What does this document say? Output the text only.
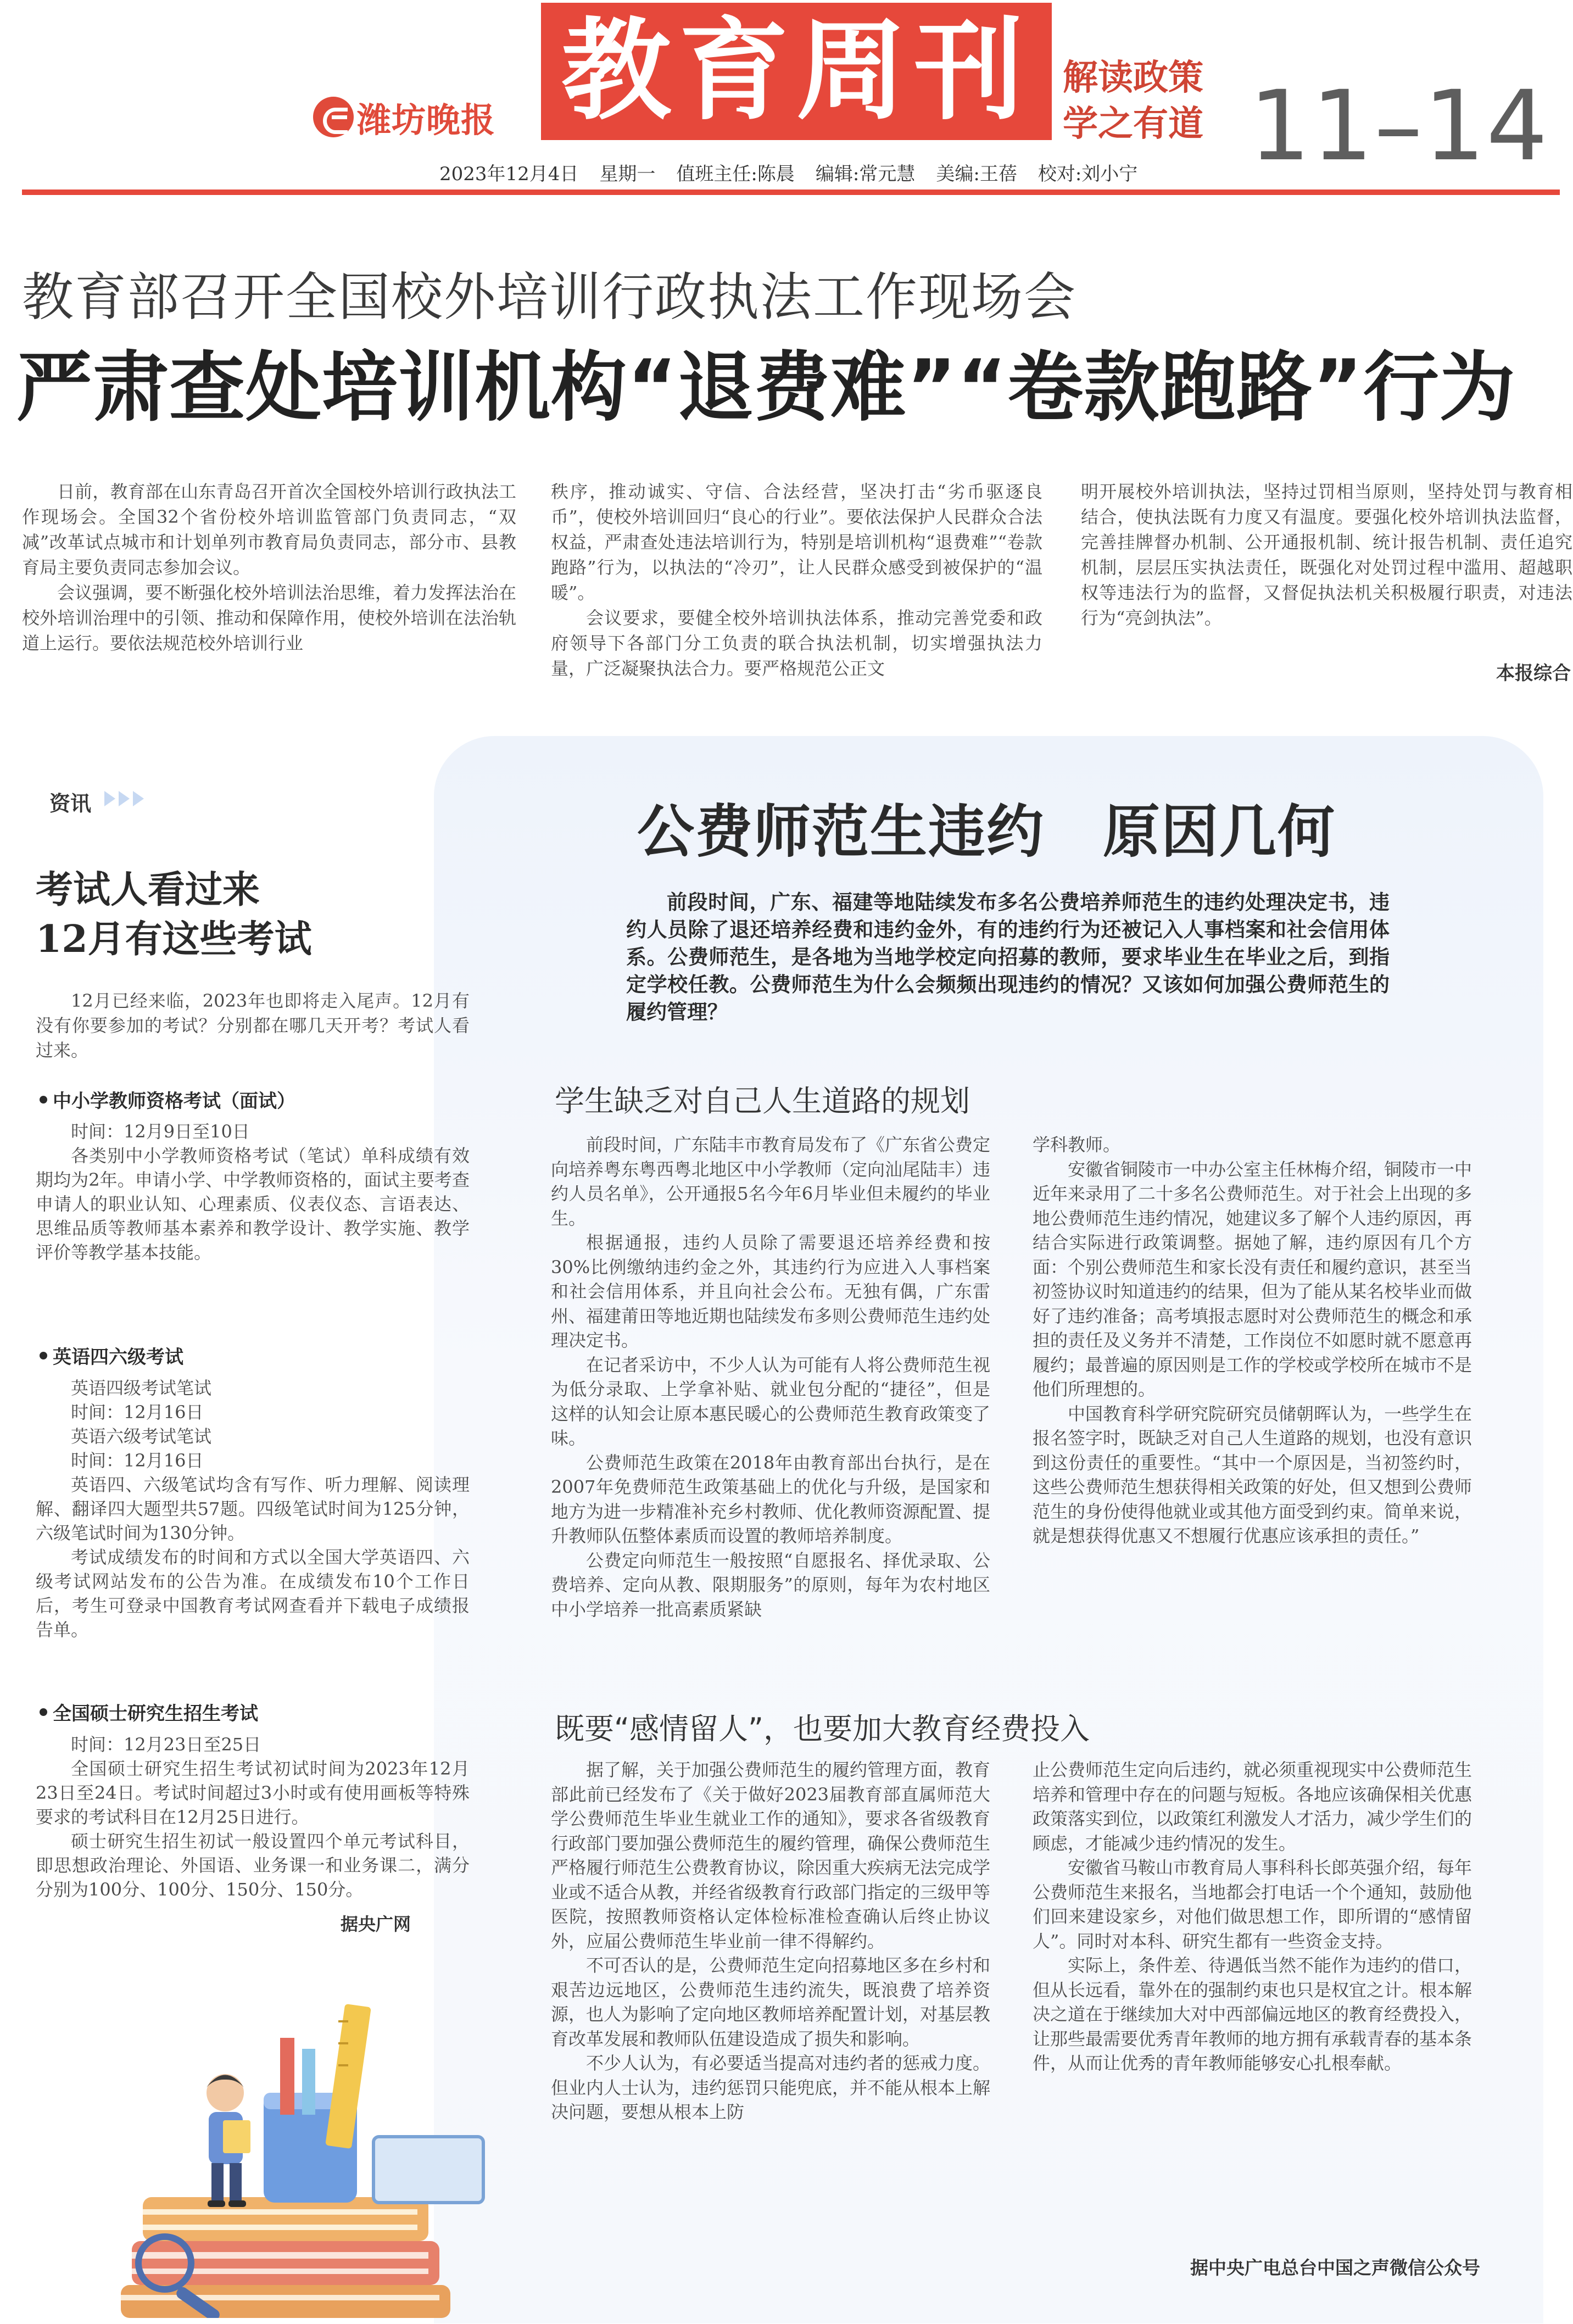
潍坊晚报 教育周刊 解读政策
学之有道 11–14
2023年12月4日 星期一 值班主任:陈晨 编辑:常元慧 美编:王蓓 校对:刘小宁
教育部召开全国校外培训行政执法工作现场会
严肃查处培训机构“退费难”“卷款跑路”行为

日前，教育部在山东青岛召开首次全国校外培训行政执法工作现场会。全国32个省份校外培训监管部门负责同志，“双减”改革试点城市和计划单列市教育局负责同志，部分市、县教育局主要负责同志参加会议。

会议强调，要不断强化校外培训法治思维，着力发挥法治在校外培训治理中的引领、推动和保障作用，使校外培训在法治轨道上运行。要依法规范校外培训行业

秩序，推动诚实、守信、合法经营，坚决打击“劣币驱逐良币”，使校外培训回归“良心的行业”。要依法保护人民群众合法权益，严肃查处违法培训行为，特别是培训机构“退费难”“卷款跑路”行为，以执法的“冷刃”，让人民群众感受到被保护的“温暖”。

会议要求，要健全校外培训执法体系，推动完善党委和政府领导下各部门分工负责的联合执法机制，切实增强执法力量，广泛凝聚执法合力。要严格规范公正文

明开展校外培训执法，坚持过罚相当原则，坚持处罚与教育相结合，使执法既有力度又有温度。要强化校外培训执法监督，完善挂牌督办机制、公开通报机制、统计报告机制、责任追究机制，层层压实执法责任，既强化对处罚过程中滥用、超越职权等违法行为的监督，又督促执法机关积极履行职责，对违法行为“亮剑执法”。

本报综合
资讯
考试人看过来
12月有这些考试
12月已经来临，2023年也即将走入尾声。12月有没有你要参加的考试？分别都在哪几天开考？考试人看过来。
中小学教师资格考试（面试）

时间：12月9日至10日

各类别中小学教师资格考试（笔试）单科成绩有效期均为2年。申请小学、中学教师资格的，面试主要考查申请人的职业认知、心理素质、仪表仪态、言语表达、思维品质等教师基本素养和教学设计、教学实施、教学评价等教学基本技能。

英语四六级考试

英语四级考试笔试

时间：12月16日

英语六级考试笔试

时间：12月16日

英语四、六级笔试均含有写作、听力理解、阅读理解、翻译四大题型共57题。四级笔试时间为125分钟，六级笔试时间为130分钟。

考试成绩发布的时间和方式以全国大学英语四、六级考试网站发布的公告为准。在成绩发布10个工作日后，考生可登录中国教育考试网查看并下载电子成绩报告单。

全国硕士研究生招生考试

时间：12月23日至25日

全国硕士研究生招生考试初试时间为2023年12月23日至24日。考试时间超过3小时或有使用画板等特殊要求的考试科目在12月25日进行。

硕士研究生招生初试一般设置四个单元考试科目，即思想政治理论、外国语、业务课一和业务课二，满分分别为100分、100分、150分、150分。

据央广网
公费师范生违约　原因几何
前段时间，广东、福建等地陆续发布多名公费培养师范生的违约处理决定书，违约人员除了退还培养经费和违约金外，有的违约行为还被记入人事档案和社会信用体系。公费师范生，是各地为当地学校定向招募的教师，要求毕业生在毕业之后，到指定学校任教。公费师范生为什么会频频出现违约的情况？又该如何加强公费师范生的履约管理？
学生缺乏对自己人生道路的规划

前段时间，广东陆丰市教育局发布了《广东省公费定向培养粤东粤西粤北地区中小学教师（定向汕尾陆丰）违约人员名单》，公开通报5名今年6月毕业但未履约的毕业生。

根据通报，违约人员除了需要退还培养经费和按30%比例缴纳违约金之外，其违约行为应进入人事档案和社会信用体系，并且向社会公布。无独有偶，广东雷州、福建莆田等地近期也陆续发布多则公费师范生违约处理决定书。

在记者采访中，不少人认为可能有人将公费师范生视为低分录取、上学拿补贴、就业包分配的“捷径”，但是这样的认知会让原本惠民暖心的公费师范生教育政策变了味。

公费师范生政策在2018年由教育部出台执行，是在2007年免费师范生政策基础上的优化与升级，是国家和地方为进一步精准补充乡村教师、优化教师资源配置、提升教师队伍整体素质而设置的教师培养制度。

公费定向师范生一般按照“自愿报名、择优录取、公费培养、定向从教、限期服务”的原则，每年为农村地区中小学培养一批高素质紧缺

学科教师。

安徽省铜陵市一中办公室主任林梅介绍，铜陵市一中近年来录用了二十多名公费师范生。对于社会上出现的多地公费师范生违约情况，她建议多了解个人违约原因，再结合实际进行政策调整。据她了解，违约原因有几个方面：个别公费师范生和家长没有责任和履约意识，甚至当初签协议时知道违约的结果，但为了能从某名校毕业而做好了违约准备；高考填报志愿时对公费师范生的概念和承担的责任及义务并不清楚，工作岗位不如愿时就不愿意再履约；最普遍的原因则是工作的学校或学校所在城市不是他们所理想的。

中国教育科学研究院研究员储朝晖认为，一些学生在报名签字时，既缺乏对自己人生道路的规划，也没有意识到这份责任的重要性。“其中一个原因是，当初签约时，这些公费师范生想获得相关政策的好处，但又想到公费师范生的身份使得他就业或其他方面受到约束。简单来说，就是想获得优惠又不想履行优惠应该承担的责任。”

既要“感情留人”，也要加大教育经费投入

据了解，关于加强公费师范生的履约管理方面，教育部此前已经发布了《关于做好2023届教育部直属师范大学公费师范生毕业生就业工作的通知》，要求各省级教育行政部门要加强公费师范生的履约管理，确保公费师范生严格履行师范生公费教育协议，除因重大疾病无法完成学业或不适合从教，并经省级教育行政部门指定的三级甲等医院，按照教师资格认定体检标准检查确认后终止协议外，应届公费师范生毕业前一律不得解约。

不可否认的是，公费师范生定向招募地区多在乡村和艰苦边远地区，公费师范生违约流失，既浪费了培养资源，也人为影响了定向地区教师培养配置计划，对基层教育改革发展和教师队伍建设造成了损失和影响。

不少人认为，有必要适当提高对违约者的惩戒力度。但业内人士认为，违约惩罚只能兜底，并不能从根本上解决问题，要想从根本上防

止公费师范生定向后违约，就必须重视现实中公费师范生培养和管理中存在的问题与短板。各地应该确保相关优惠政策落实到位，以政策红利激发人才活力，减少学生们的顾虑，才能减少违约情况的发生。

安徽省马鞍山市教育局人事科科长郎英强介绍，每年公费师范生来报名，当地都会打电话一个个通知，鼓励他们回来建设家乡，对他们做思想工作，即所谓的“感情留人”。同时对本科、研究生都有一些资金支持。

实际上，条件差、待遇低当然不能作为违约的借口，但从长远看，靠外在的强制约束也只是权宜之计。根本解决之道在于继续加大对中西部偏远地区的教育经费投入，让那些最需要优秀青年教师的地方拥有承载青春的基本条件，从而让优秀的青年教师能够安心扎根奉献。

据中央广电总台中国之声微信公众号
